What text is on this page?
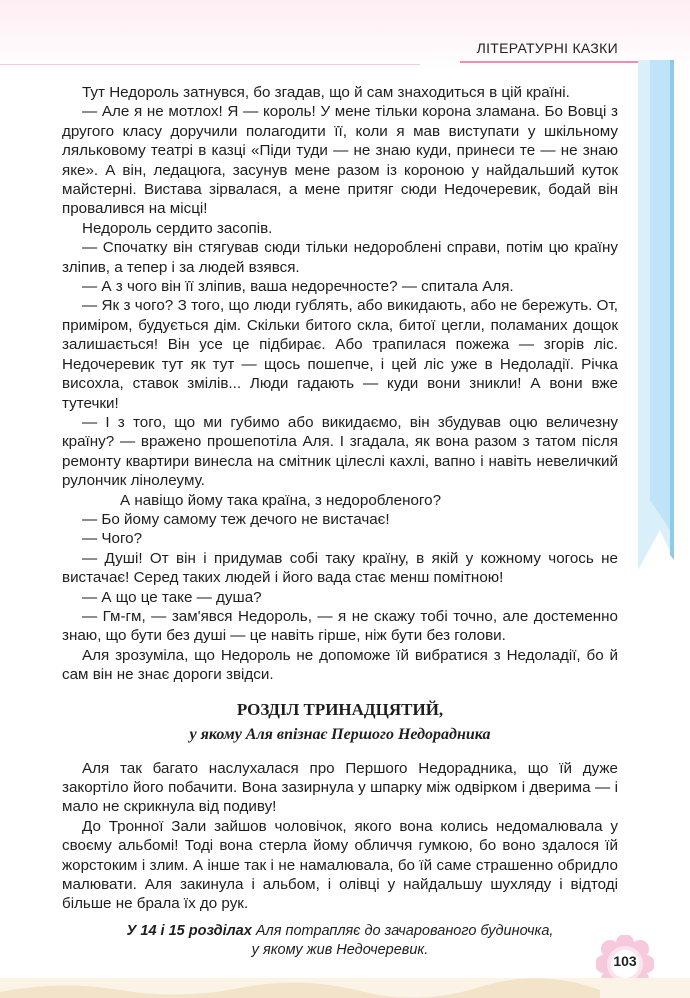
ЛІТЕРАТУРНІ КАЗКИ

Тут Недороль затнувся, бо згадав, що й сам знаходиться в цій країні.

— Але я не мотлох! Я — король! У мене тільки корона зламана. Бо Вовці з другого класу доручили полагодити її, коли я мав виступати у шкільному ляльковому театрі в казці «Піди туди — не знаю куди, принеси те — не знаю яке». А він, ледацюга, засунув мене разом із короною у найдальший куток майстерні. Вистава зірвалася, а мене притяг сюди Недочеревик, бодай він провалився на місці!

Недороль сердито засопів.

— Спочатку він стягував сюди тільки недороблені справи, потім цю країну зліпив, а тепер і за людей взявся.

— А з чого він її зліпив, ваша недоречносте? — спитала Аля.

— Як з чого? З того, що люди гублять, або викидають, або не бережуть. От, приміром, будується дім. Скільки битого скла, битої цегли, поламаних дощок залишається! Він усе це підбирає. Або трапилася пожежа — згорів ліс. Недочеревик тут як тут — щось пошепче, і цей ліс уже в Недоладії. Річка висохла, ставок змілів... Люди гадають — куди вони зникли! А вони вже тутечки!

— І з того, що ми губимо або викидаємо, він збудував оцю величезну країну? — вражено прошепотіла Аля. І згадала, як вона разом з татом після ремонту квартири винесла на смітник цілеслі кахлі, вапно і навіть невеличкий рулончик лінолеуму.

А навіщо йому така країна, з недоробленого?

— Бо йому самому теж дечого не вистачає!

— Чого?

— Душі! От він і придумав собі таку країну, в якій у кожному чогось не вистачає! Серед таких людей і його вада стає менш помітною!

— А що це таке — душа?

— Гм-гм, — зам'явся Недороль, — я не скажу тобі точно, але достеменно знаю, що бути без душі — це навіть гірше, ніж бути без голови.

Аля зрозуміла, що Недороль не допоможе їй вибратися з Недоладії, бо й сам він не знає дороги звідси.

РОЗДІЛ ТРИНАДЦЯТИЙ,
у якому Аля впізнає Першого Недорадника

Аля так багато наслухалася про Першого Недорадника, що їй дуже закортіло його побачити. Вона зазирнула у шпарку між одвірком і дверима — і мало не скрикнула від подиву!

До Тронної Зали зайшов чоловічок, якого вона колись недомалювала у своєму альбомі! Тоді вона стерла йому обличчя гумкою, бо воно здалося їй жорстоким і злим. А інше так і не намалювала, бо їй саме страшенно обридло малювати. Аля закинула і альбом, і олівці у найдальшу шухляду і відтоді більше не брала їх до рук.

У 14 і 15 розділах Аля потрапляє до зачарованого будиночка,
у якому жив Недочеревик.
103
